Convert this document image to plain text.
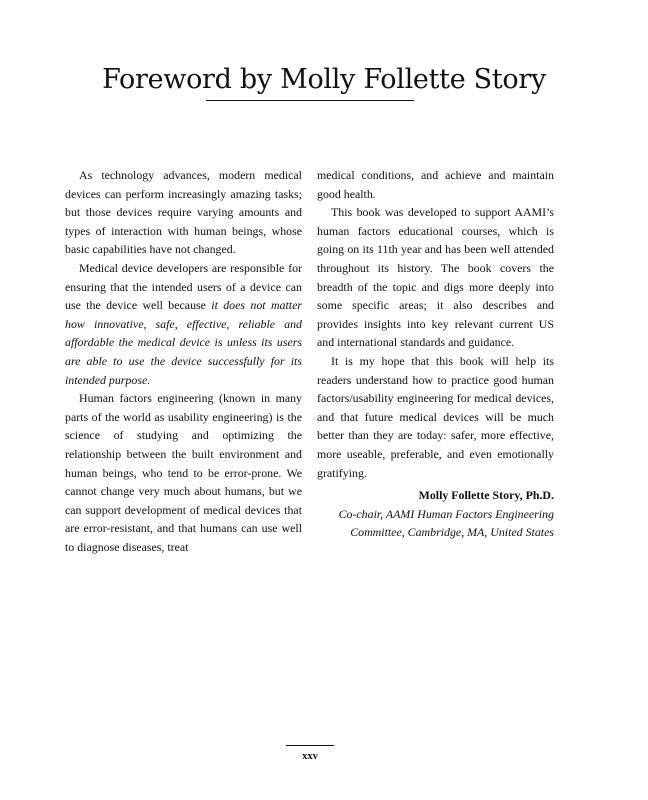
Foreword by Molly Follette Story

As technology advances, modern medical devices can perform increasingly amazing tasks; but those devices require varying amounts and types of interaction with human beings, whose basic capabilities have not changed.

Medical device developers are responsible for ensuring that the intended users of a device can use the device well because it does not matter how innovative, safe, effective, reliable and affordable the medical device is unless its users are able to use the device successfully for its intended purpose.

Human factors engineering (known in many parts of the world as usability engineering) is the science of studying and optimizing the relationship between the built environment and human beings, who tend to be error-prone. We cannot change very much about humans, but we can support development of medical devices that are error-resistant, and that humans can use well to diagnose diseases, treat

medical conditions, and achieve and maintain good health.

This book was developed to support AAMI’s human factors educational courses, which is going on its 11th year and has been well attended throughout its history. The book covers the breadth of the topic and digs more deeply into some specific areas; it also describes and provides insights into key relevant current US and international standards and guidance.

It is my hope that this book will help its readers understand how to practice good human factors/usability engineering for medical devices, and that future medical devices will be much better than they are today: safer, more effective, more useable, preferable, and even emotionally gratifying.

Molly Follette Story, Ph.D.
Co-chair, AAMI Human Factors Engineering
Committee, Cambridge, MA, United States
xxv
